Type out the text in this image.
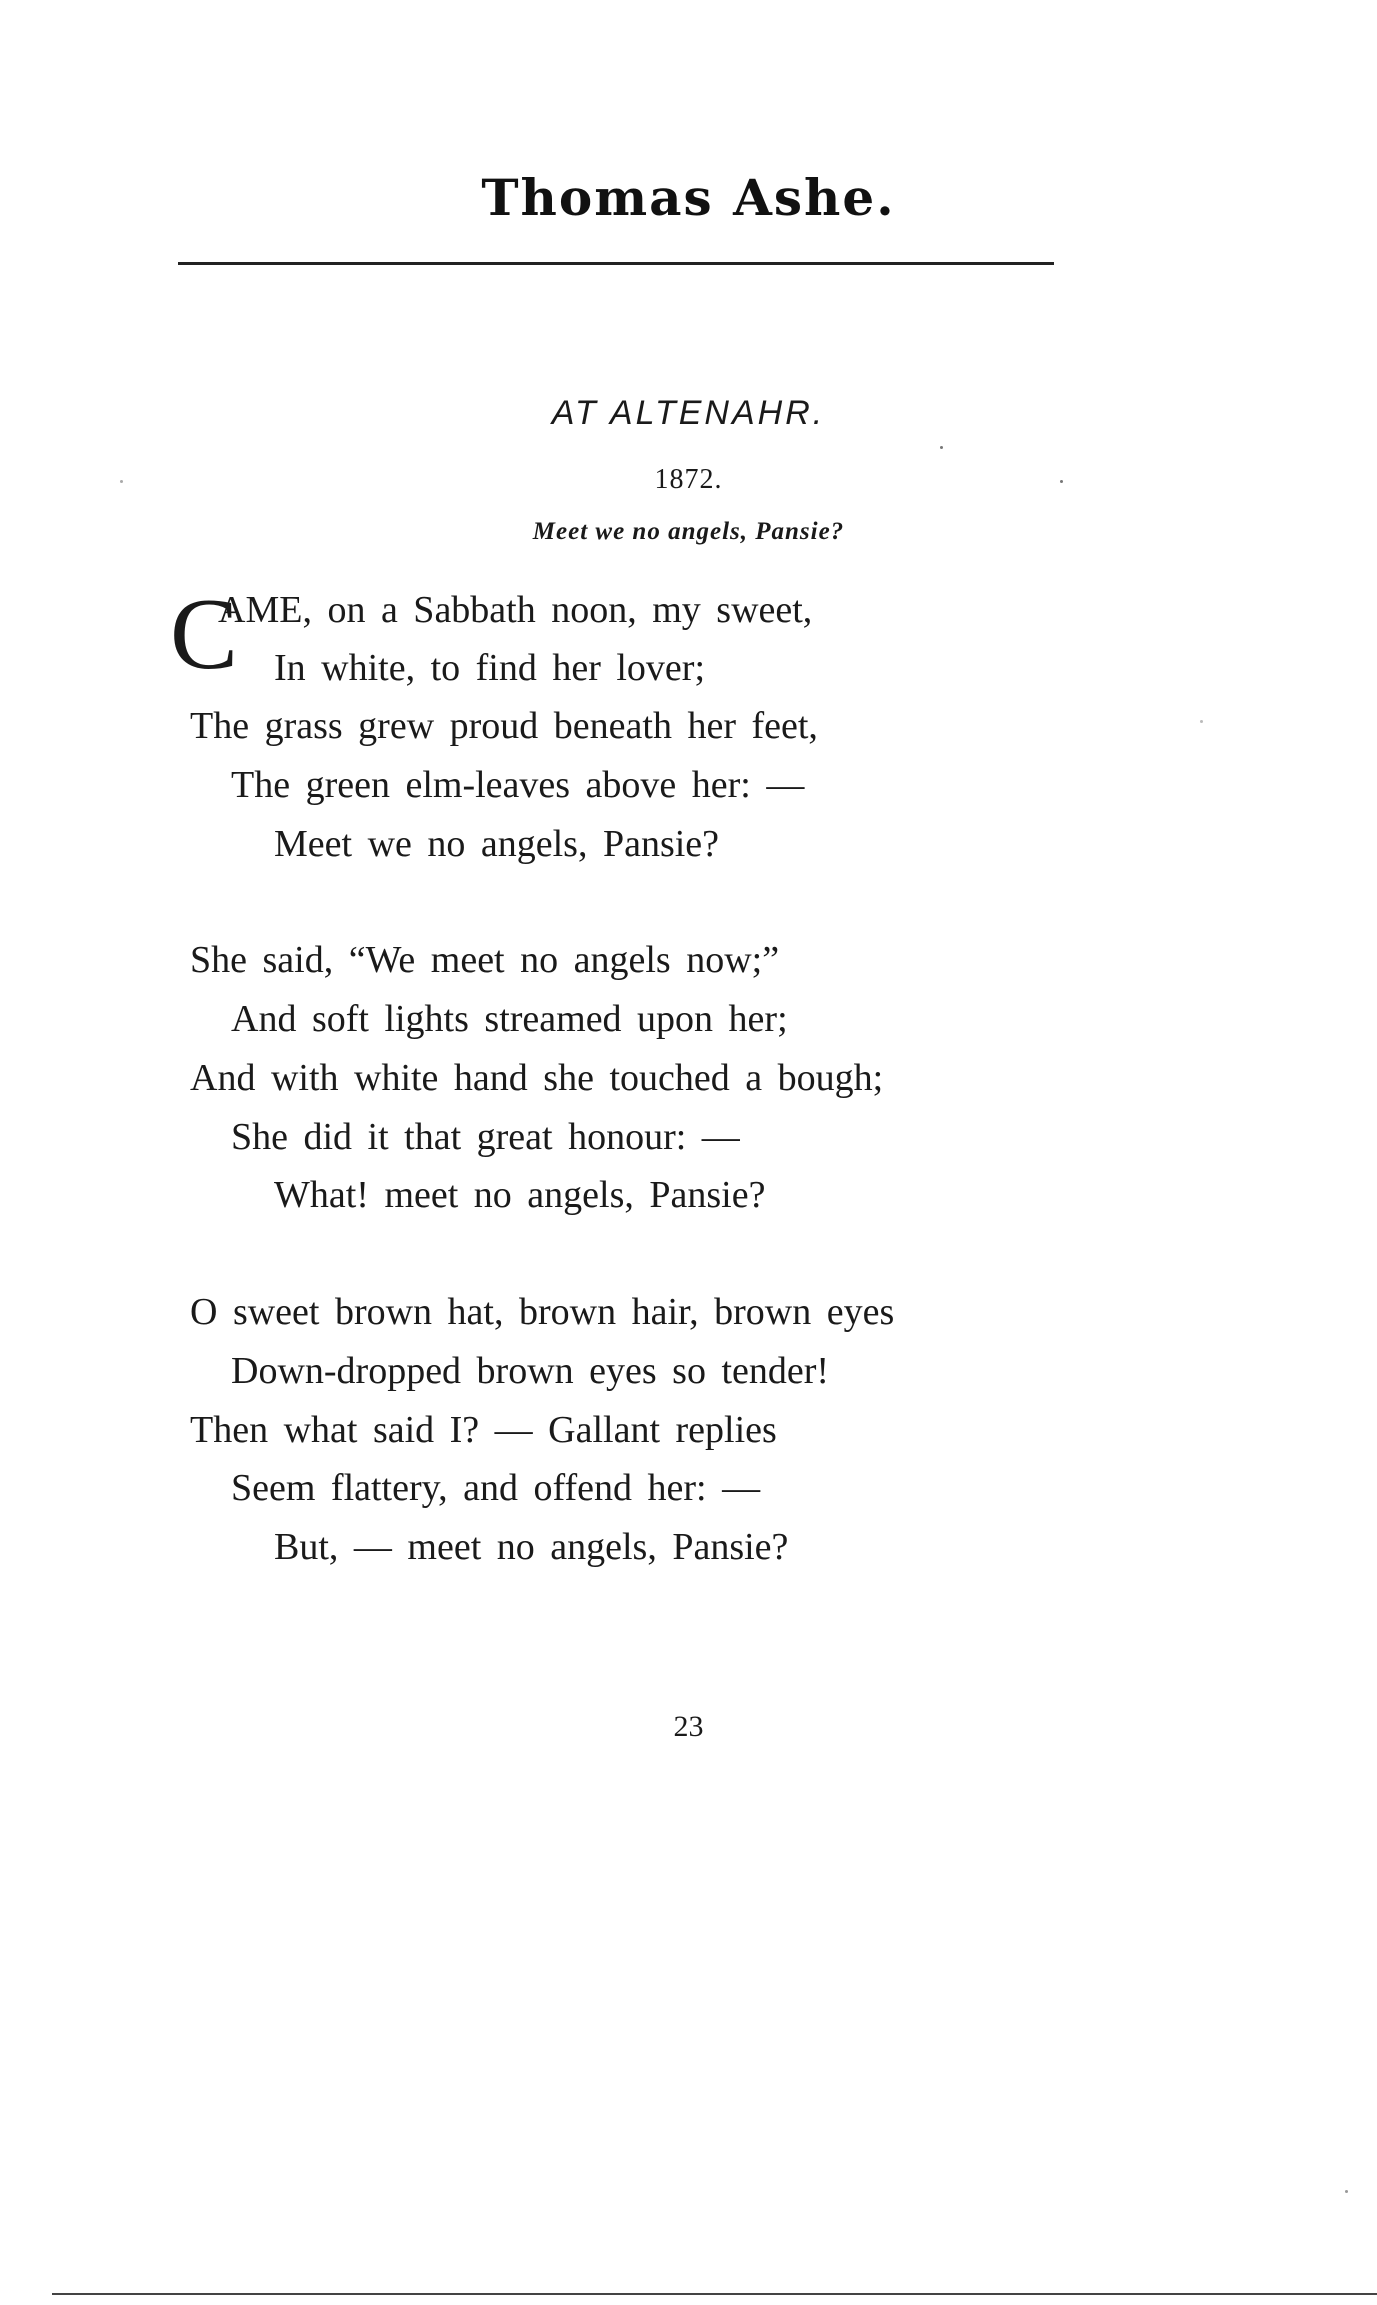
Thomas Ashe.
AT ALTENAHR.
1872.
Meet we no angels, Pansie?
C
AME, on a Sabbath noon, my sweet,
In white, to find her lover;
The grass grew proud beneath her feet,
The green elm-leaves above her: —
Meet we no angels, Pansie?
She said, “We meet no angels now;”
And soft lights streamed upon her;
And with white hand she touched a bough;
She did it that great honour: —
What! meet no angels, Pansie?
O sweet brown hat, brown hair, brown eyes
Down-dropped brown eyes so tender!
Then what said I? — Gallant replies
Seem flattery, and offend her: —
But, — meet no angels, Pansie?
23
